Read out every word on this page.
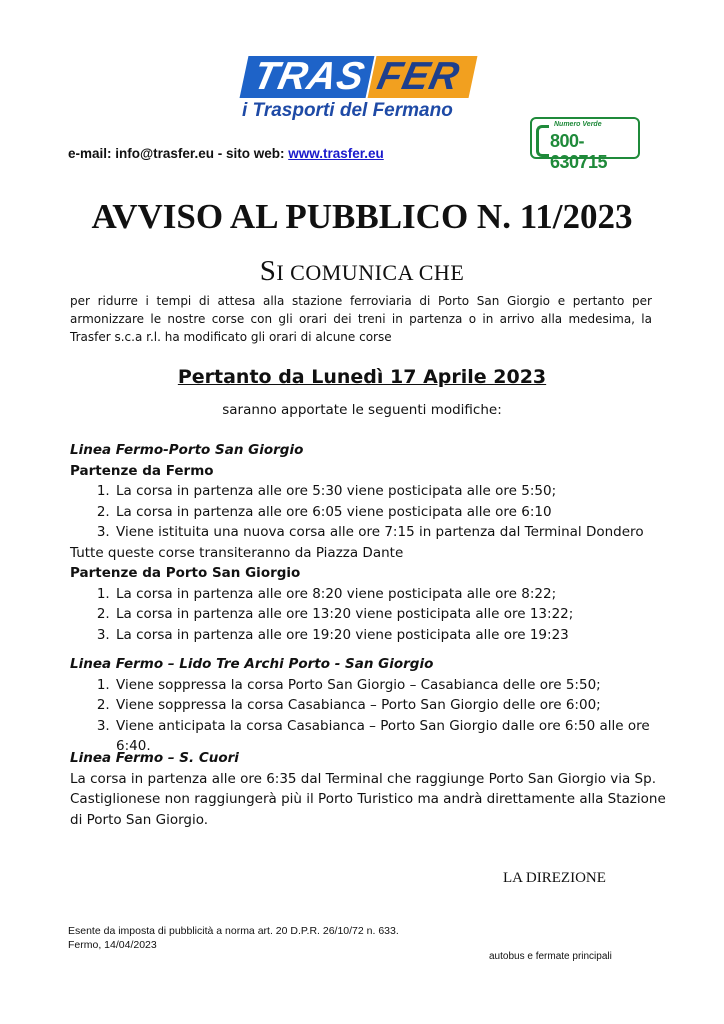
TRAS FER
i Trasporti del Fermano
Numero Verde
800-630715
e-mail: info@trasfer.eu - sito web: www.trasfer.eu
AVVISO AL PUBBLICO N. 11/2023
SI COMUNICA CHE
per ridurre i tempi di attesa alla stazione ferroviaria di Porto San Giorgio e pertanto per armonizzare le nostre corse con gli orari dei treni in partenza o in arrivo alla medesima, la Trasfer s.c.a r.l. ha modificato gli orari di alcune corse
Pertanto da Lunedì 17 Aprile 2023
saranno apportate le seguenti modifiche:
Linea Fermo-Porto San Giorgio
Partenze da Fermo
1. La corsa in partenza alle ore 5:30 viene posticipata alle ore 5:50;
2. La corsa in partenza alle ore 6:05 viene posticipata alle ore 6:10
3. Viene istituita una nuova corsa alle ore 7:15 in partenza dal Terminal Dondero
Tutte queste corse transiteranno da Piazza Dante
Partenze da Porto San Giorgio
1. La corsa in partenza alle ore 8:20 viene posticipata alle ore 8:22;
2. La corsa in partenza alle ore 13:20 viene posticipata alle ore 13:22;
3. La corsa in partenza alle ore 19:20 viene posticipata alle ore 19:23
Linea Fermo – Lido Tre Archi Porto - San Giorgio
1. Viene soppressa la corsa Porto San Giorgio – Casabianca delle ore 5:50;
2. Viene soppressa la corsa Casabianca – Porto San Giorgio delle ore 6:00;
3. Viene anticipata la corsa Casabianca – Porto San Giorgio dalle ore 6:50 alle ore 6:40.
Linea Fermo – S. Cuori
La corsa in partenza alle ore 6:35 dal Terminal che raggiunge Porto San Giorgio via Sp. Castiglionese non raggiungerà più il Porto Turistico ma andrà direttamente alla Stazione di Porto San Giorgio.
LA DIREZIONE
Esente da imposta di pubblicità a norma art. 20 D.P.R. 26/10/72 n. 633.
Fermo, 14/04/2023
autobus e fermate principali
